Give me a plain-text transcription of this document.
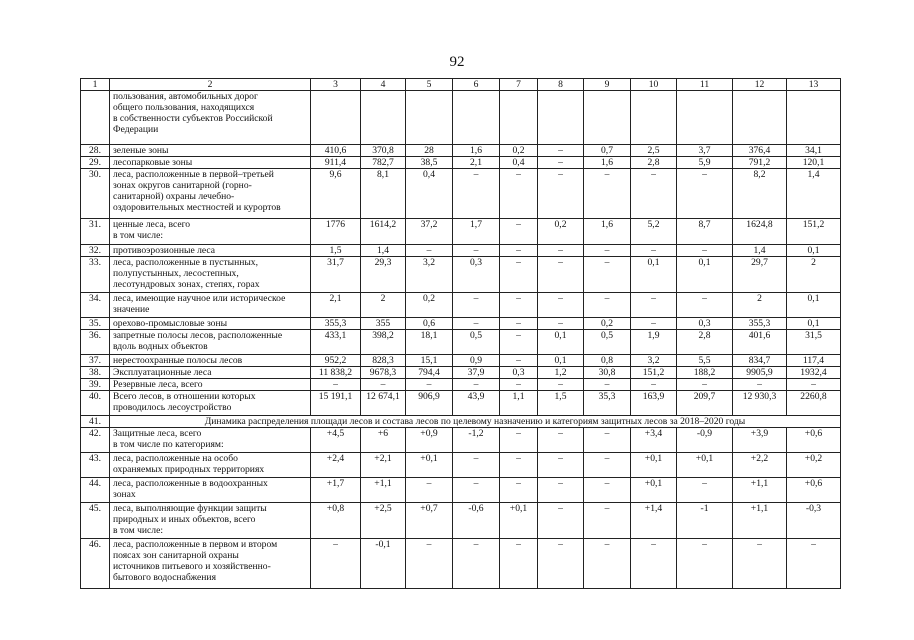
92
1	2	3	4	5	6	7	8	9	10	11	12	13
	пользования, автомобильных дорог
общего пользования, находящихся
в собственности субъектов Российской
Федерации											
28.	зеленые зоны	410,6	370,8	28	1,6	0,2	–	0,7	2,5	3,7	376,4	34,1
29.	лесопарковые зоны	911,4	782,7	38,5	2,1	0,4	–	1,6	2,8	5,9	791,2	120,1
30.	леса, расположенные в первой–третьей
зонах округов санитарной (горно-
санитарной) охраны лечебно-
оздоровительных местностей и курортов	9,6	8,1	0,4	–	–	–	–	–	–	8,2	1,4
31.	ценные леса, всего
в том числе:	1776	1614,2	37,2	1,7	–	0,2	1,6	5,2	8,7	1624,8	151,2
32.	противоэрозионные леса	1,5	1,4	–	–	–	–	–	–	–	1,4	0,1
33.	леса, расположенные в пустынных,
полупустынных, лесостепных,
лесотундровых зонах, степях, горах	31,7	29,3	3,2	0,3	–	–	–	0,1	0,1	29,7	2
34.	леса, имеющие научное или историческое
значение	2,1	2	0,2	–	–	–	–	–	–	2	0,1
35.	орехово-промысловые зоны	355,3	355	0,6	–	–	–	0,2	–	0,3	355,3	0,1
36.	запретные полосы лесов, расположенные
вдоль водных объектов	433,1	398,2	18,1	0,5	–	0,1	0,5	1,9	2,8	401,6	31,5
37.	нерестоохранные полосы лесов	952,2	828,3	15,1	0,9	–	0,1	0,8	3,2	5,5	834,7	117,4
38.	Эксплуатационные леса	11 838,2	9678,3	794,4	37,9	0,3	1,2	30,8	151,2	188,2	9905,9	1932,4
39.	Резервные леса, всего	–	–	–	–	–	–	–	–	–	–	–
40.	Всего лесов, в отношении которых
проводилось лесоустройство	15 191,1	12 674,1	906,9	43,9	1,1	1,5	35,3	163,9	209,7	12 930,3	2260,8
41.	Динамика распределения площади лесов и состава лесов по целевому назначению и категориям защитных лесов за 2018–2020 годы											
42.	Защитные леса, всего
в том числе по категориям:	+4,5	+6	+0,9	-1,2	–	–	–	+3,4	-0,9	+3,9	+0,6
43.	леса, расположенные на особо
охраняемых природных территориях	+2,4	+2,1	+0,1	–	–	–	–	+0,1	+0,1	+2,2	+0,2
44.	леса, расположенные в водоохранных
зонах	+1,7	+1,1	–	–	–	–	–	+0,1	–	+1,1	+0,6
45.	леса, выполняющие функции защиты
природных и иных объектов, всего
в том числе:	+0,8	+2,5	+0,7	-0,6	+0,1	–	–	+1,4	-1	+1,1	-0,3
46.	леса, расположенные в первом и втором
поясах зон санитарной охраны
источников питьевого и хозяйственно-
бытового водоснабжения	–	-0,1	–	–	–	–	–	–	–	–	–
